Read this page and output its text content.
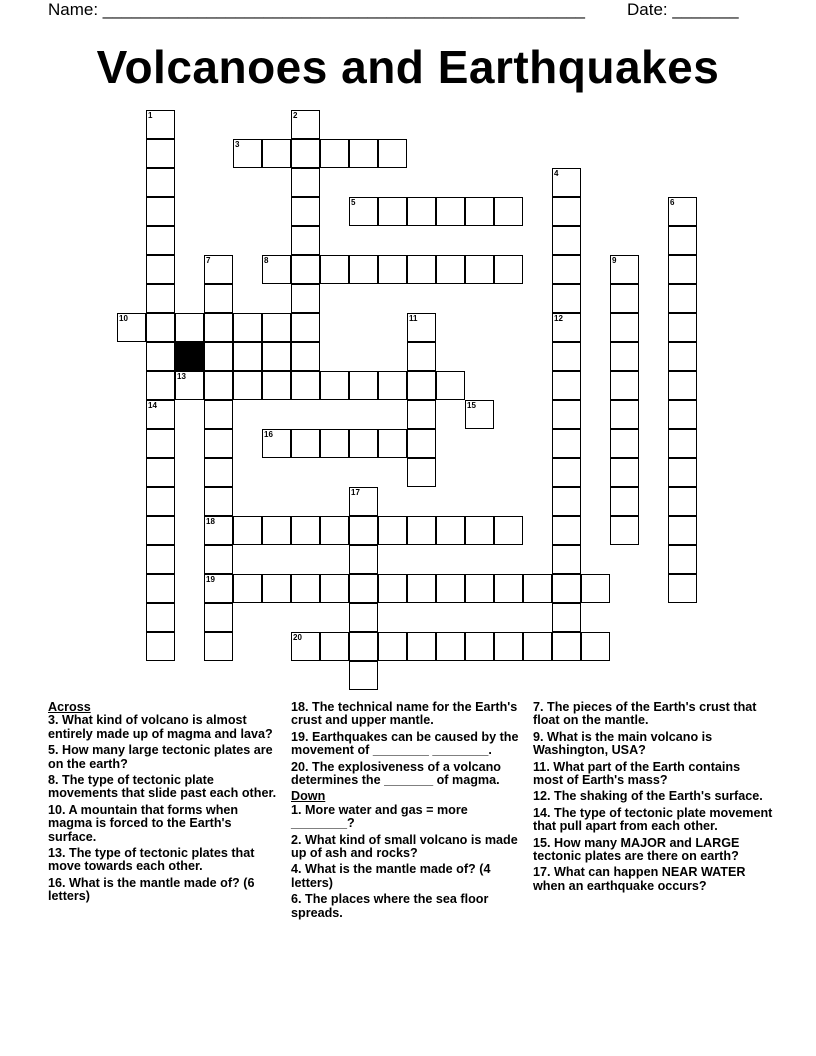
Name: ___________________________________________________ Date: _______
Volcanoes and Earthquakes
1	2
3
4
5	6
7	8	9
10	11	12
13
14	15
16
17
18
19
20
Across
3. What kind of volcano is almost entirely made up of magma and lava?
5. How many large tectonic plates are on the earth?
8. The type of tectonic plate movements that slide past each other.
10. A mountain that forms when magma is forced to the Earth's surface.
13. The type of tectonic plates that move towards each other.
16. What is the mantle made of? (6 letters)
18. The technical name for the Earth's crust and upper mantle.
19. Earthquakes can be caused by the movement of ________ ________.
20. The explosiveness of a volcano determines the _______ of magma.
Down
1. More water and gas = more ________?
2. What kind of small volcano is made up of ash and rocks?
4. What is the mantle made of? (4 letters)
6. The places where the sea floor spreads.
7. The pieces of the Earth's crust that float on the mantle.
9. What is the main volcano is Washington, USA?
11. What part of the Earth contains most of Earth's mass?
12. The shaking of the Earth's surface.
14. The type of tectonic plate movement that pull apart from each other.
15. How many MAJOR and LARGE tectonic plates are there on earth?
17. What can happen NEAR WATER when an earthquake occurs?
